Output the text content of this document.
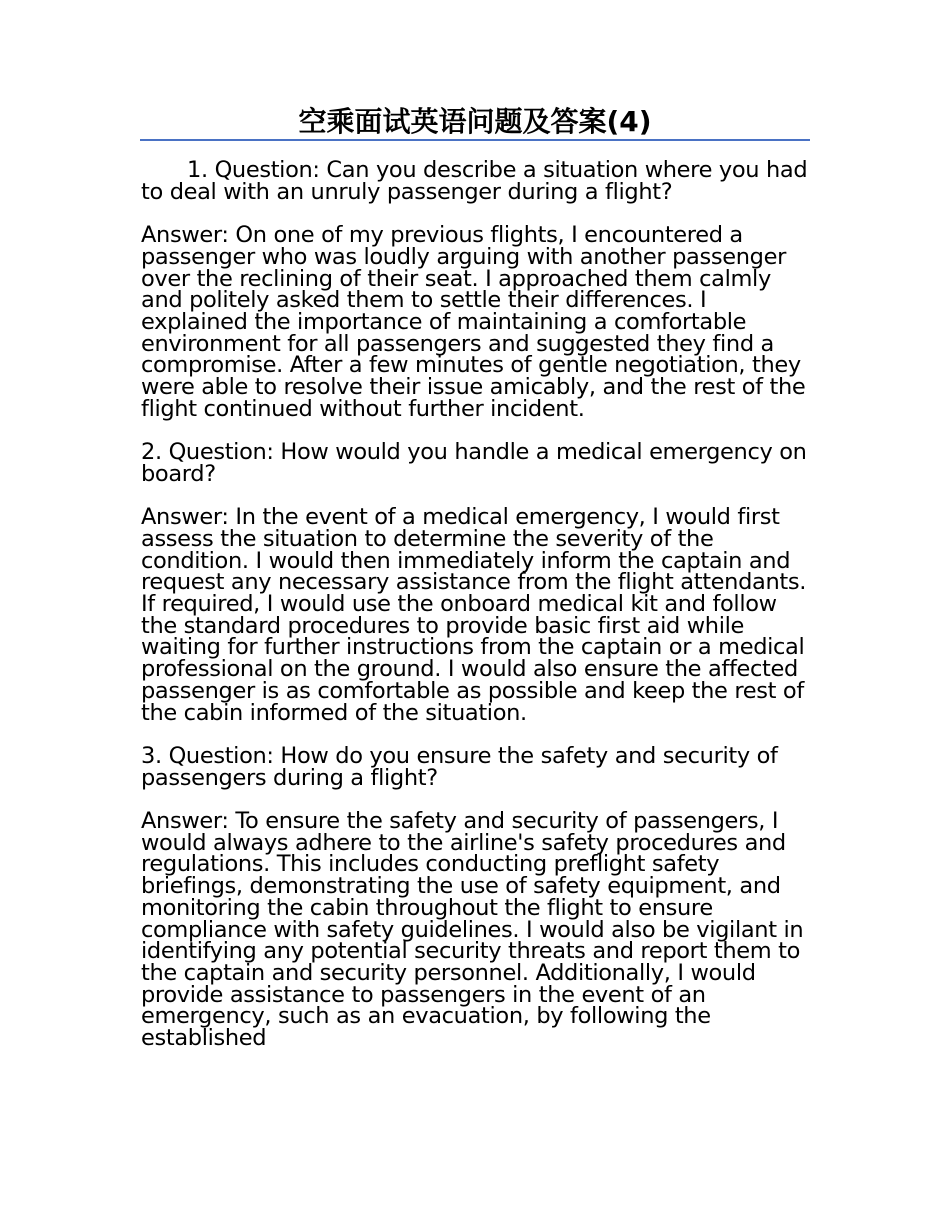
空乘面试英语问题及答案(4)

1. Question: Can you describe a situation where you had to deal with an unruly passenger during a flight?

Answer: On one of my previous flights, I encountered a passenger who was loudly arguing with another passenger over the reclining of their seat. I approached them calmly and politely asked them to settle their differences. I explained the importance of maintaining a comfortable environment for all passengers and suggested they find a compromise. After a few minutes of gentle negotiation, they were able to resolve their issue amicably, and the rest of the flight continued without further incident.

2. Question: How would you handle a medical emergency on board?

Answer: In the event of a medical emergency, I would first assess the situation to determine the severity of the condition. I would then immediately inform the captain and request any necessary assistance from the flight attendants. If required, I would use the onboard medical kit and follow the standard procedures to provide basic first aid while waiting for further instructions from the captain or a medical professional on the ground. I would also ensure the affected passenger is as comfortable as possible and keep the rest of the cabin informed of the situation.

3. Question: How do you ensure the safety and security of passengers during a flight?

Answer: To ensure the safety and security of passengers, I would always adhere to the airline's safety procedures and regulations. This includes conducting preflight safety briefings, demonstrating the use of safety equipment, and monitoring the cabin throughout the flight to ensure compliance with safety guidelines. I would also be vigilant in identifying any potential security threats and report them to the captain and security personnel. Additionally, I would provide assistance to passengers in the event of an emergency, such as an evacuation, by following the established
